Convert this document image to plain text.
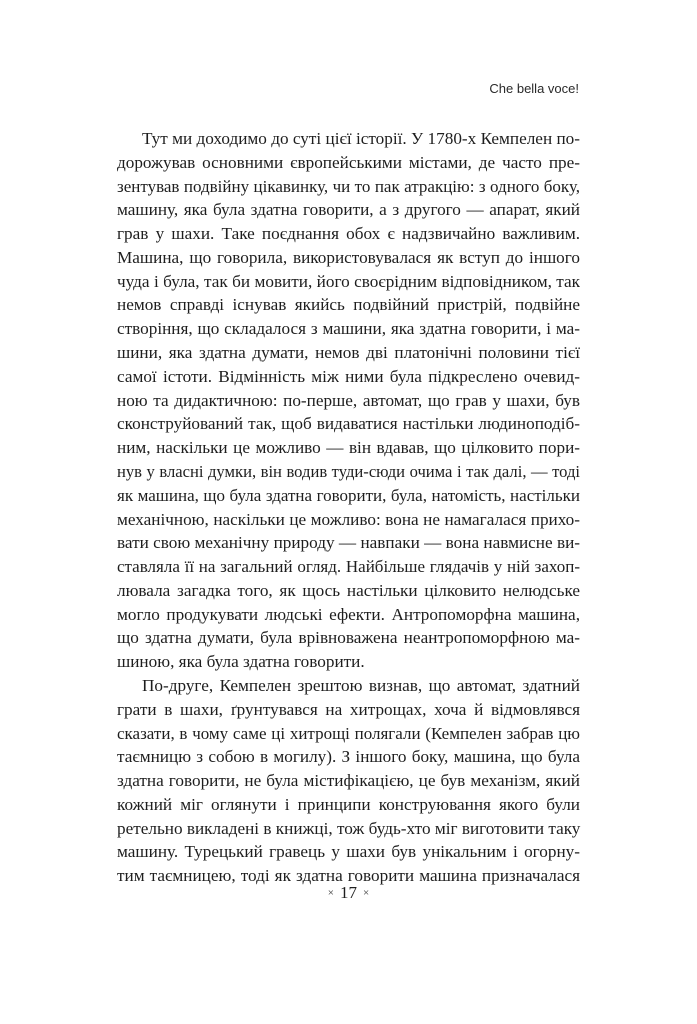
Che bella voce!

Тут ми доходимо до суті цієї історії. У 1780-х Кемпелен по-
дорожував основними європейськими містами, де часто пре-
зентував подвійну цікавинку, чи то пак атракцію: з одного боку,
машину, яка була здатна говорити, а з другого — апарат, який
грав у шахи. Таке поєднання обох є надзвичайно важливим.
Машина, що говорила, використовувалася як вступ до іншого
чуда і була, так би мовити, його своєрідним відповідником, так
немов справді існував якийсь подвійний пристрій, подвійне
створіння, що складалося з машини, яка здатна говорити, і ма-
шини, яка здатна думати, немов дві платонічні половини тієї
самої істоти. Відмінність між ними була підкреслено очевид-
ною та дидактичною: по-перше, автомат, що грав у шахи, був
сконструйований так, щоб видаватися настільки людиноподіб-
ним, наскільки це можливо — він вдавав, що цілковито пори-
нув у власні думки, він водив туди-сюди очима і так далі, — тоді
як машина, що була здатна говорити, була, натомість, настільки
механічною, наскільки це можливо: вона не намагалася прихо-
вати свою механічну природу — навпаки — вона навмисне ви-
ставляла її на загальний огляд. Найбільше глядачів у ній захоп-
лювала загадка того, як щось настільки цілковито нелюдське
могло продукувати людські ефекти. Антропоморфна машина,
що здатна думати, була врівноважена неантропоморфною ма-
шиною, яка була здатна говорити.
По-друге, Кемпелен зрештою визнав, що автомат, здатний
грати в шахи, ґрунтувався на хитрощах, хоча й відмовлявся
сказати, в чому саме ці хитрощі полягали (Кемпелен забрав цю
таємницю з собою в могилу). З іншого боку, машина, що була
здатна говорити, не була містифікацією, це був механізм, який
кожний міг оглянути і принципи конструювання якого були
ретельно викладені в книжці, тож будь-хто міг виготовити таку
машину. Турецький гравець у шахи був унікальним і огорну-
тим таємницею, тоді як здатна говорити машина призначалася

× 17 ×
